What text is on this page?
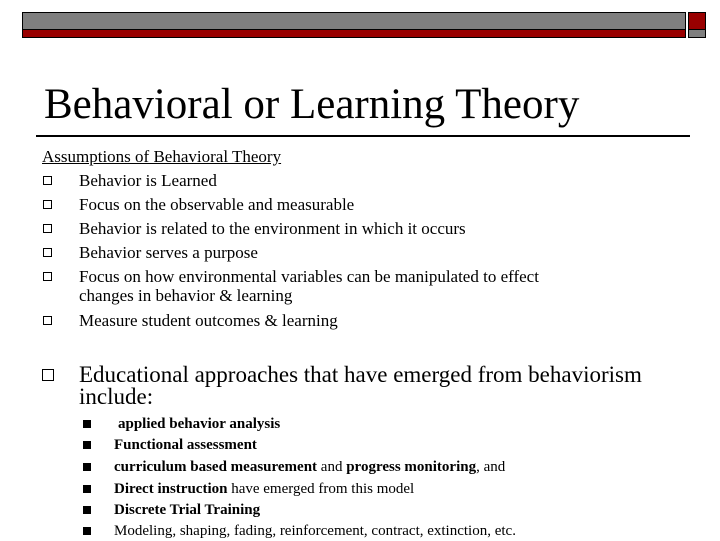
Behavioral or Learning Theory
Assumptions of Behavioral Theory
Behavior is Learned
Focus on the observable and measurable
Behavior is related to the environment in which it occurs
Behavior serves a purpose
Focus on how environmental variables can be manipulated to effect
changes in behavior & learning
Measure student outcomes & learning
Educational approaches that have emerged from behaviorism
include:
applied behavior analysis
Functional assessment
curriculum based measurement and progress monitoring, and
Direct instruction have emerged from this model
Discrete Trial Training
Modeling, shaping, fading, reinforcement, contract, extinction, etc.
